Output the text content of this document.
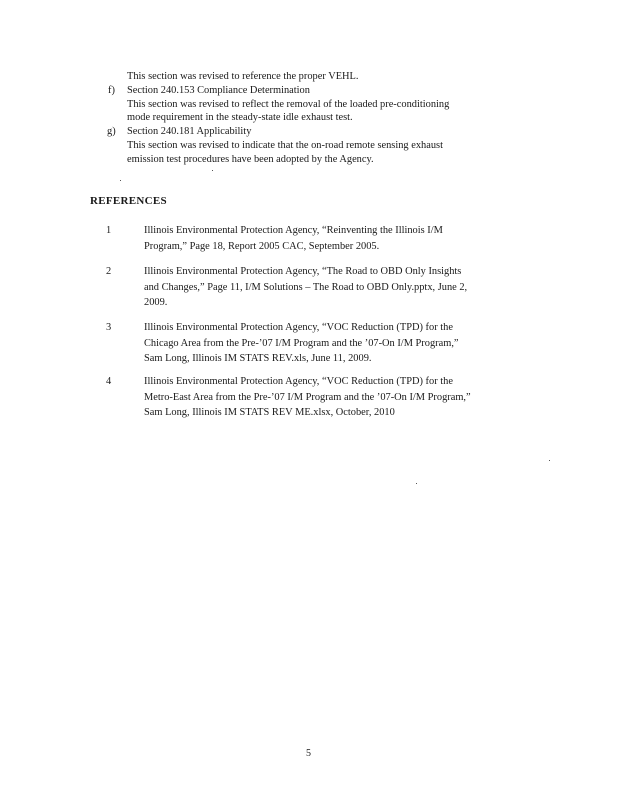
This section was revised to reference the proper VEHL.
f) Section 240.153 Compliance Determination
This section was revised to reflect the removal of the loaded pre-conditioning
mode requirement in the steady-state idle exhaust test.
g) Section 240.181 Applicability
This section was revised to indicate that the on-road remote sensing exhaust
emission test procedures have been adopted by the Agency.
REFERENCES
1	Illinois Environmental Protection Agency, “Reinventing the Illinois I/M
Program,” Page 18, Report 2005 CAC, September 2005.
2	Illinois Environmental Protection Agency, “The Road to OBD Only Insights
and Changes,” Page 11, I/M Solutions – The Road to OBD Only.pptx, June 2,
2009.
3	Illinois Environmental Protection Agency, “VOC Reduction (TPD) for the
Chicago Area from the Pre-’07 I/M Program and the ’07-On I/M Program,”
Sam Long, Illinois IM STATS REV.xls, June 11, 2009.
4	Illinois Environmental Protection Agency, “VOC Reduction (TPD) for the
Metro-East Area from the Pre-’07 I/M Program and the ’07-On I/M Program,”
Sam Long, Illinois IM STATS REV ME.xlsx, October, 2010
5
